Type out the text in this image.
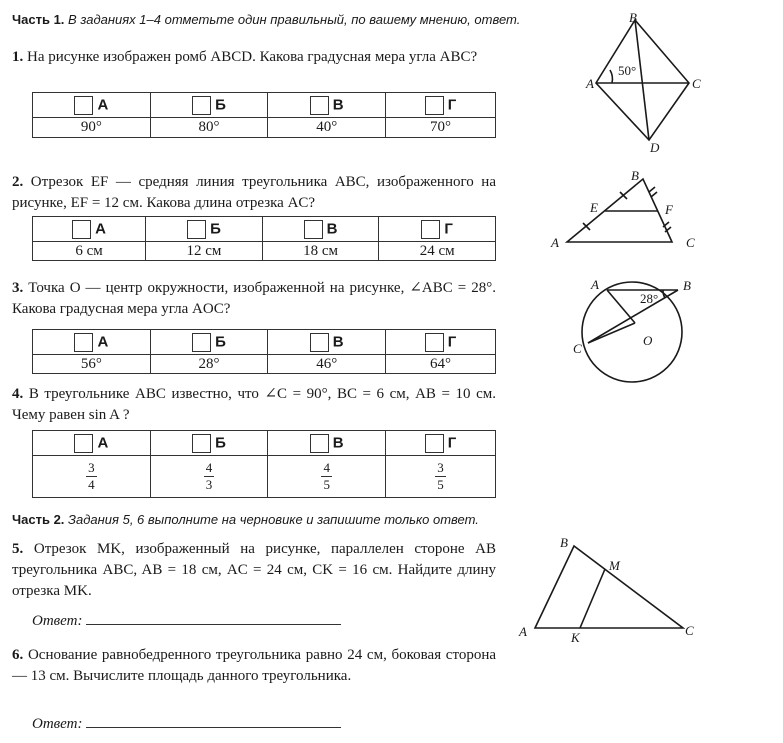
Часть 1. В заданиях 1–4 отметьте один правильный, по вашему мнению, ответ.
1. На рисунке изображен ромб ABCD. Какова градусная мера угла ABC?
А	Б	В	Г
90°	80°	40°	70°
B
A	C
D
50°
2. Отрезок EF — средняя линия треугольника ABC, изображенного на рисунке, EF = 12 см. Какова длина отрезка AC?
А	Б	В	Г
6 см	12 см	18 см	24 см
B
E	F
A	C
3. Точка O — центр окружности, изображенной на рисунке, ∠ABC = 28°. Какова градусная мера угла AOC?
А	Б	В	Г
56°	28°	46°	64°
A	B
C
O
28°
4. В треугольнике ABC известно, что ∠C = 90°, BC = 6 см, AB = 10 см. Чему равен sin A ?
А	Б	В	Г

$\frac{3}{4}$	$\frac{4}{3}$	$\frac{4}{5}$	$\frac{3}{5}$
Часть 2. Задания 5, 6 выполните на черновике и запишите только ответ.
5. Отрезок MK, изображенный на рисунке, параллелен стороне AB треугольника ABC, AB = 18 см, AC = 24 см, CK = 16 см. Найдите длину отрезка MK.
Ответ:
B
M
A	K	C
6. Основание равнобедренного треугольника равно 24 см, боковая сторона — 13 см. Вычислите площадь данного треугольника.
Ответ:
